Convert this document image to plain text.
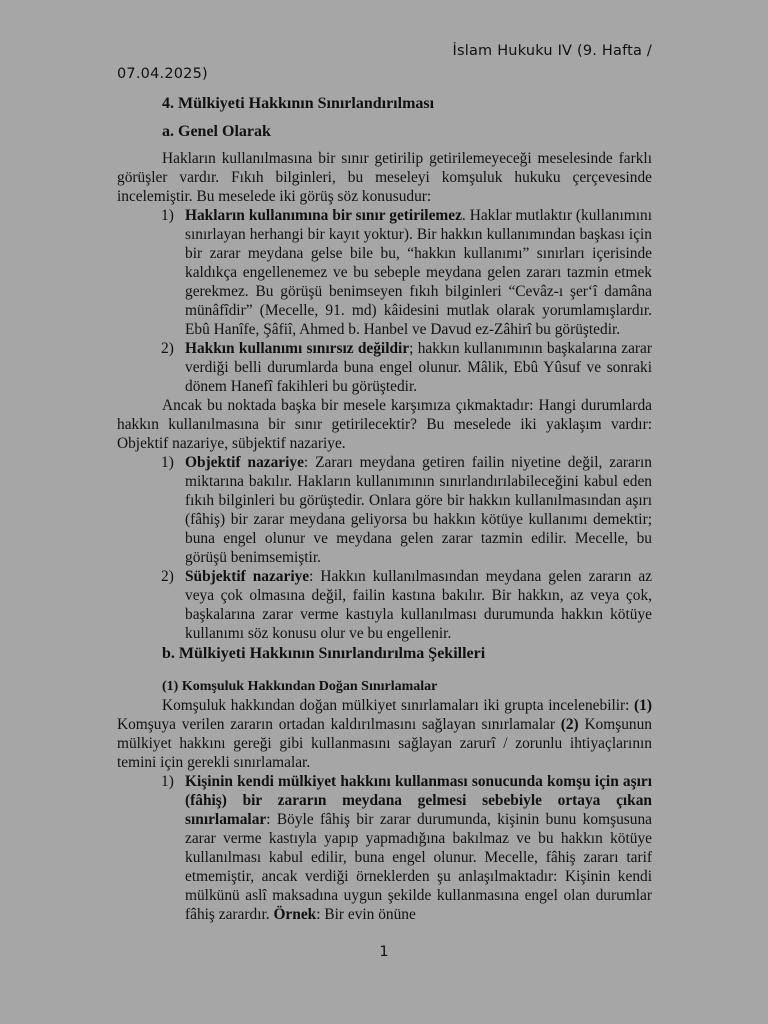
İslam Hukuku IV (9. Hafta /
07.04.2025)
4. Mülkiyeti Hakkının Sınırlandırılması
a. Genel Olarak

Hakların kullanılmasına bir sınır getirilip getirilemeyeceği meselesinde farklı görüşler vardır. Fıkıh bilginleri, bu meseleyi komşuluk hukuku çerçevesinde incelemiştir. Bu meselede iki görüş söz konusudur:

1) Hakların kullanımına bir sınır getirilemez. Haklar mutlaktır (kullanımını sınırlayan herhangi bir kayıt yoktur). Bir hakkın kullanımından başkası için bir zarar meydana gelse bile bu, “hakkın kullanımı” sınırları içerisinde kaldıkça engellenemez ve bu sebeple meydana gelen zararı tazmin etmek gerekmez. Bu görüşü benimseyen fıkıh bilginleri “Cevâz-ı şer‘î damâna münâfîdir” (Mecelle, 91. md) kâidesini mutlak olarak yorumlamışlardır. Ebû Hanîfe, Şâfiî, Ahmed b. Hanbel ve Davud ez-Zâhirî bu görüştedir.
2) Hakkın kullanımı sınırsız değildir; hakkın kullanımının başkalarına zarar verdiği belli durumlarda buna engel olunur. Mâlik, Ebû Yûsuf ve sonraki dönem Hanefî fakihleri bu görüştedir.

Ancak bu noktada başka bir mesele karşımıza çıkmaktadır: Hangi durumlarda hakkın kullanılmasına bir sınır getirilecektir? Bu meselede iki yaklaşım vardır: Objektif nazariye, sübjektif nazariye.

1) Objektif nazariye: Zararı meydana getiren failin niyetine değil, zararın miktarına bakılır. Hakların kullanımının sınırlandırılabileceğini kabul eden fıkıh bilginleri bu görüştedir. Onlara göre bir hakkın kullanılmasından aşırı (fâhiş) bir zarar meydana geliyorsa bu hakkın kötüye kullanımı demektir; buna engel olunur ve meydana gelen zarar tazmin edilir. Mecelle, bu görüşü benimsemiştir.
2) Sübjektif nazariye: Hakkın kullanılmasından meydana gelen zararın az veya çok olmasına değil, failin kastına bakılır. Bir hakkın, az veya çok, başkalarına zarar verme kastıyla kullanılması durumunda hakkın kötüye kullanımı söz konusu olur ve bu engellenir.
b. Mülkiyeti Hakkının Sınırlandırılma Şekilleri
(1) Komşuluk Hakkından Doğan Sınırlamalar

Komşuluk hakkından doğan mülkiyet sınırlamaları iki grupta incelenebilir: (1) Komşuya verilen zararın ortadan kaldırılmasını sağlayan sınırlamalar (2) Komşunun mülkiyet hakkını gereği gibi kullanmasını sağlayan zarurî / zorunlu ihtiyaçlarının temini için gerekli sınırlamalar.

1) Kişinin kendi mülkiyet hakkını kullanması sonucunda komşu için aşırı (fâhiş) bir zararın meydana gelmesi sebebiyle ortaya çıkan sınırlamalar: Böyle fâhiş bir zarar durumunda, kişinin bunu komşusuna zarar verme kastıyla yapıp yapmadığına bakılmaz ve bu hakkın kötüye kullanılması kabul edilir, buna engel olunur. Mecelle, fâhiş zararı tarif etmemiştir, ancak verdiği örneklerden şu anlaşılmaktadır: Kişinin kendi mülkünü aslî maksadına uygun şekilde kullanmasına engel olan durumlar fâhiş zarardır. Örnek: Bir evin önüne
1
